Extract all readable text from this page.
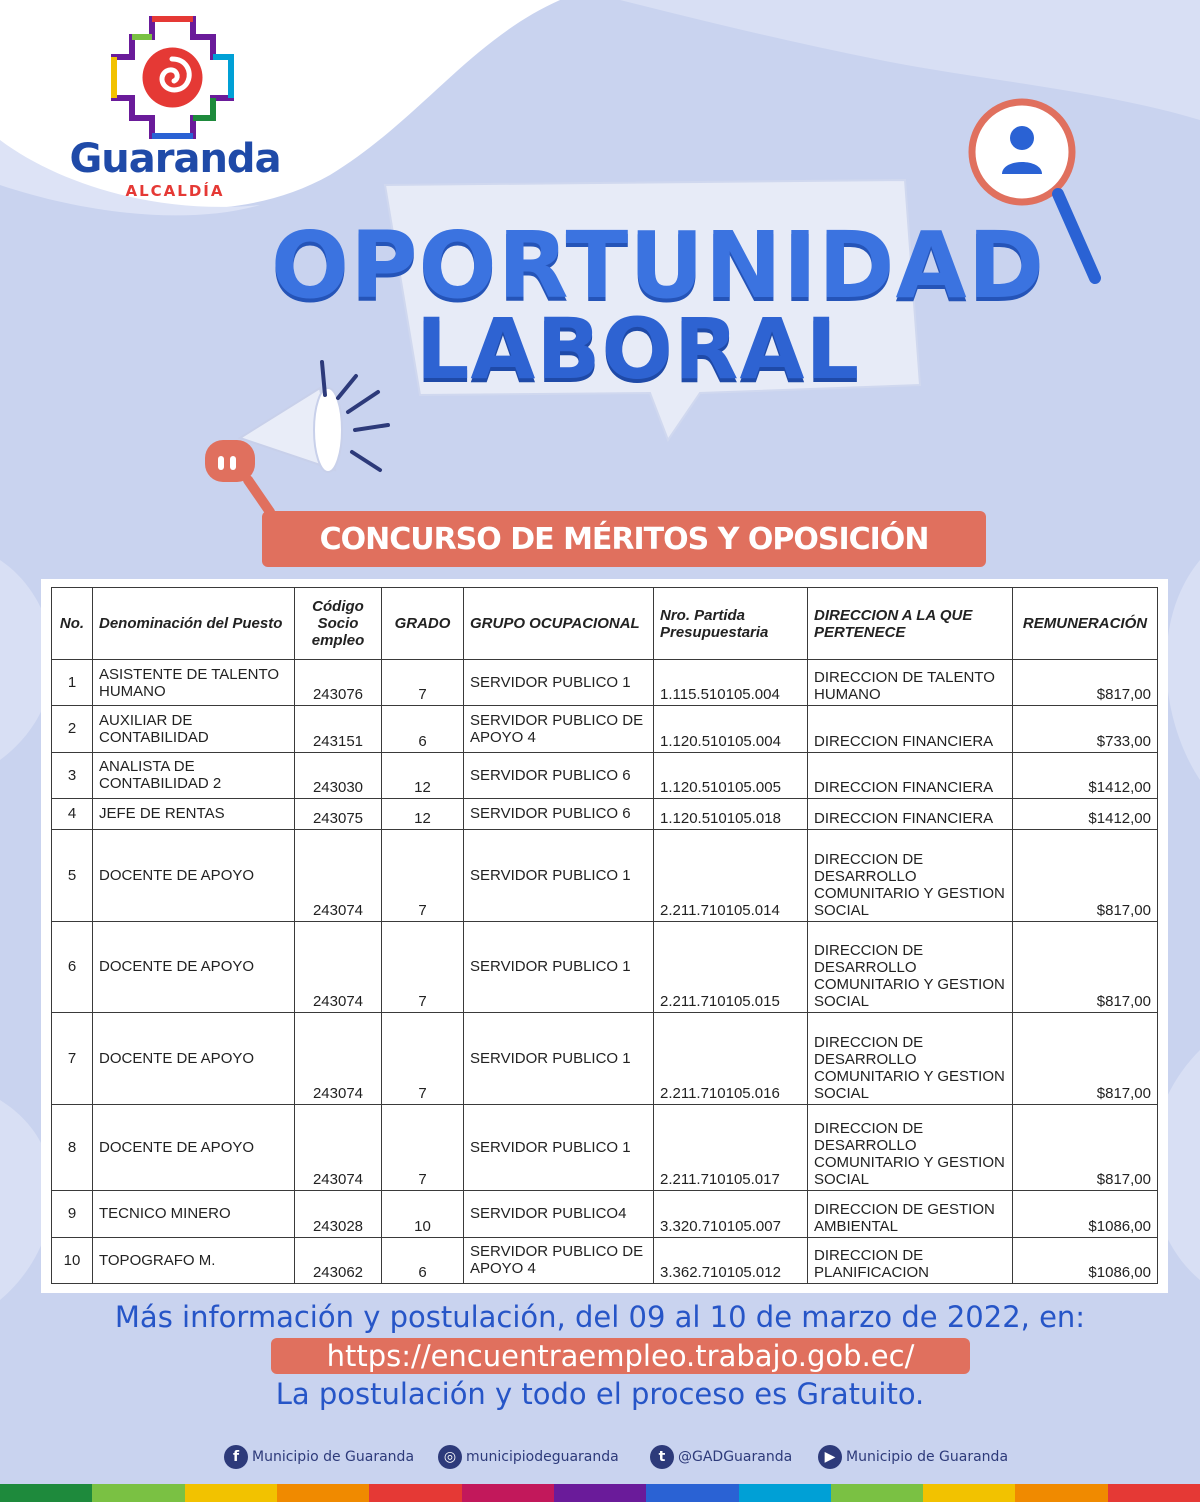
Guaranda
ALCALDÍA
OPORTUNIDAD
LABORAL
CONCURSO DE MÉRITOS Y OPOSICIÓN
No.	Denominación del Puesto	Código Socio empleo	GRADO	GRUPO OCUPACIONAL	Nro. Partida Presupuestaria	DIRECCION A LA QUE PERTENECE	REMUNERACIÓN
1	ASISTENTE DE TALENTO HUMANO	243076	7	SERVIDOR PUBLICO 1	1.115.510105.004	DIRECCION DE TALENTO HUMANO	$817,00
2	AUXILIAR DE CONTABILIDAD	243151	6	SERVIDOR PUBLICO DE APOYO 4	1.120.510105.004	DIRECCION FINANCIERA	$733,00
3	ANALISTA DE CONTABILIDAD 2	243030	12	SERVIDOR PUBLICO 6	1.120.510105.005	DIRECCION FINANCIERA	$1412,00
4	JEFE DE RENTAS	243075	12	SERVIDOR PUBLICO 6	1.120.510105.018	DIRECCION FINANCIERA	$1412,00
5	DOCENTE DE APOYO	243074	7	SERVIDOR PUBLICO 1	2.211.710105.014	DIRECCION DE DESARROLLO COMUNITARIO Y GESTION SOCIAL	$817,00
6	DOCENTE DE APOYO	243074	7	SERVIDOR PUBLICO 1	2.211.710105.015	DIRECCION DE DESARROLLO COMUNITARIO Y GESTION SOCIAL	$817,00
7	DOCENTE DE APOYO	243074	7	SERVIDOR PUBLICO 1	2.211.710105.016	DIRECCION DE DESARROLLO COMUNITARIO Y GESTION SOCIAL	$817,00
8	DOCENTE DE APOYO	243074	7	SERVIDOR PUBLICO 1	2.211.710105.017	DIRECCION DE DESARROLLO COMUNITARIO Y GESTION SOCIAL	$817,00
9	TECNICO MINERO	243028	10	SERVIDOR PUBLICO4	3.320.710105.007	DIRECCION DE GESTION AMBIENTAL	$1086,00
10	TOPOGRAFO M.	243062	6	SERVIDOR PUBLICO DE APOYO 4	3.362.710105.012	DIRECCION DE PLANIFICACION	$1086,00
Más información y postulación, del 09 al 10 de marzo de 2022, en:
https://encuentraempleo.trabajo.gob.ec/
La postulación y todo el proceso es Gratuito.
f Municipio de Guaranda	◎ municipiodeguaranda	t @GADGuaranda	▶ Municipio de Guaranda
